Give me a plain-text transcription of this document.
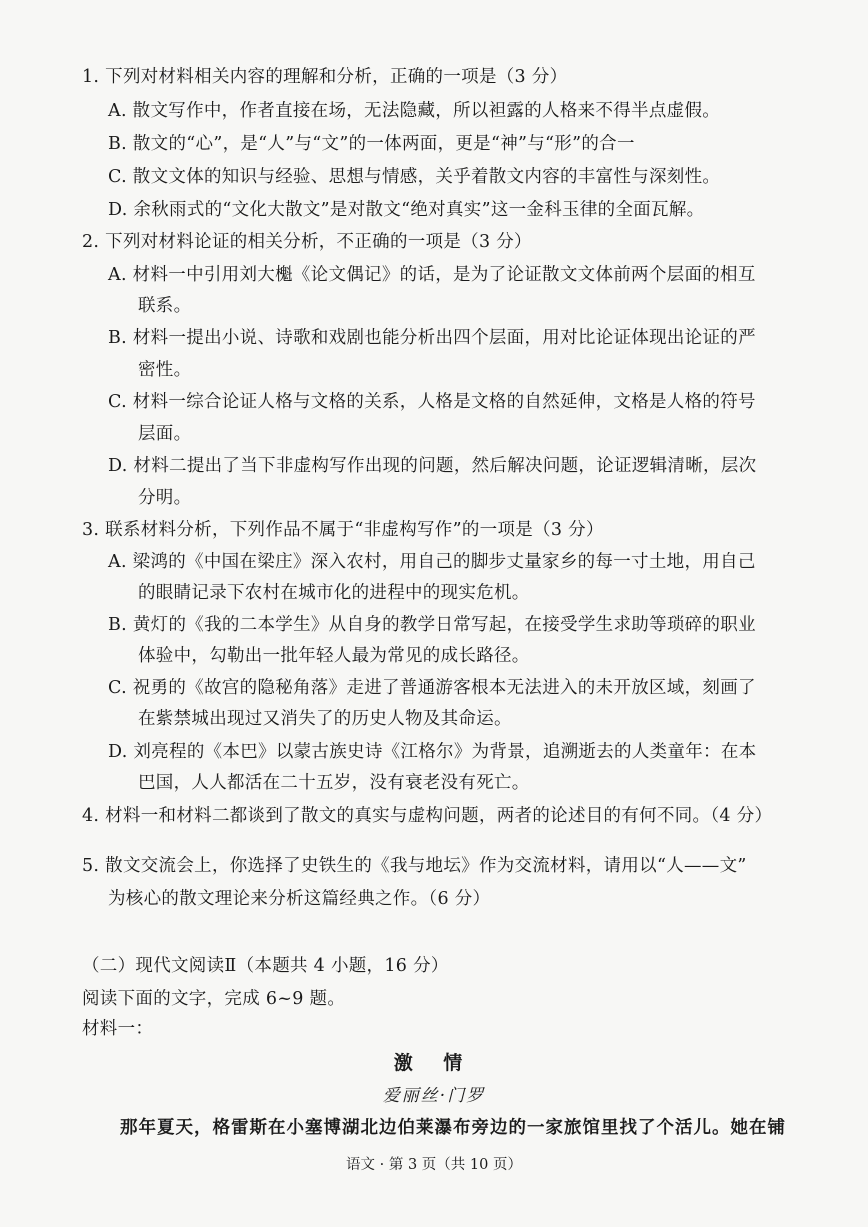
1. 下列对材料相关内容的理解和分析，正确的一项是（3 分）
A. 散文写作中，作者直接在场，无法隐藏，所以袒露的人格来不得半点虚假。
B. 散文的“心”，是“人”与“文”的一体两面，更是“神”与“形”的合一
C. 散文文体的知识与经验、思想与情感，关乎着散文内容的丰富性与深刻性。
D. 余秋雨式的“文化大散文”是对散文“绝对真实”这一金科玉律的全面瓦解。
2. 下列对材料论证的相关分析，不正确的一项是（3 分）
A. 材料一中引用刘大櫆《论文偶记》的话，是为了论证散文文体前两个层面的相互
联系。
B. 材料一提出小说、诗歌和戏剧也能分析出四个层面，用对比论证体现出论证的严
密性。
C. 材料一综合论证人格与文格的关系，人格是文格的自然延伸，文格是人格的符号
层面。
D. 材料二提出了当下非虚构写作出现的问题，然后解决问题，论证逻辑清晰，层次
分明。
3. 联系材料分析，下列作品不属于“非虚构写作”的一项是（3 分）
A. 梁鸿的《中国在梁庄》深入农村，用自己的脚步丈量家乡的每一寸土地，用自己
的眼睛记录下农村在城市化的进程中的现实危机。
B. 黄灯的《我的二本学生》从自身的教学日常写起，在接受学生求助等琐碎的职业
体验中，勾勒出一批年轻人最为常见的成长路径。
C. 祝勇的《故宫的隐秘角落》走进了普通游客根本无法进入的未开放区域，刻画了
在紫禁城出现过又消失了的历史人物及其命运。
D. 刘亮程的《本巴》以蒙古族史诗《江格尔》为背景，追溯逝去的人类童年：在本
巴国，人人都活在二十五岁，没有衰老没有死亡。
4. 材料一和材料二都谈到了散文的真实与虚构问题，两者的论述目的有何不同。（4 分）
5. 散文交流会上，你选择了史铁生的《我与地坛》作为交流材料，请用以“人——文”
为核心的散文理论来分析这篇经典之作。（6 分）
（二）现代文阅读Ⅱ（本题共 4 小题，16 分）
阅读下面的文字，完成 6~9 题。
材料一：
激 情
爱丽丝·门罗
那年夏天，格雷斯在小塞博湖北边伯莱瀑布旁边的一家旅馆里找了个活儿。她在铺
语文 · 第 3 页（共 10 页）
